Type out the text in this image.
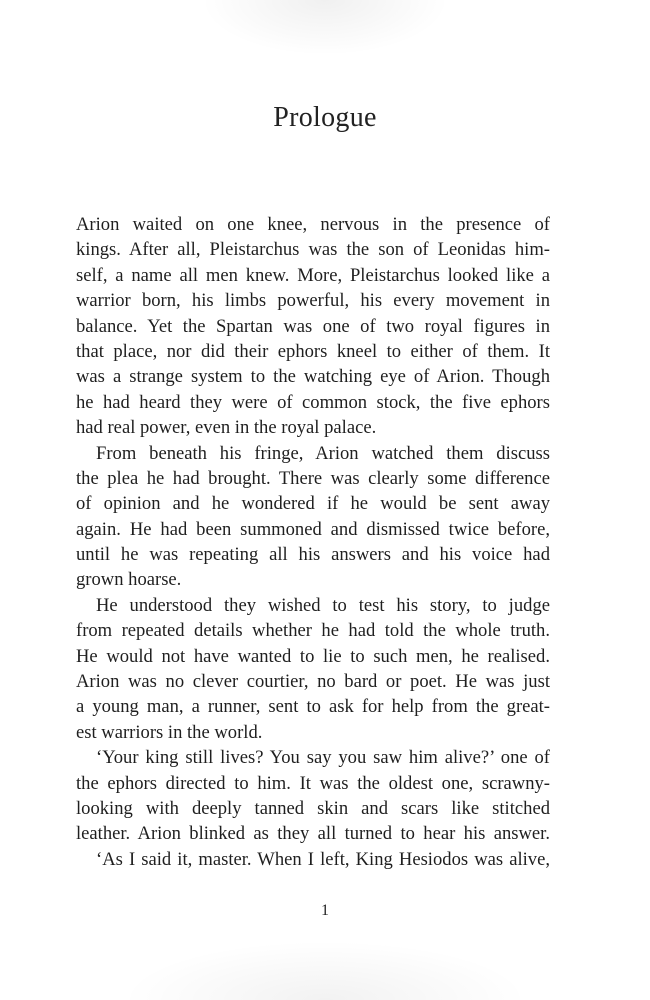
Prologue
Arion waited on one knee, nervous in the presence of
kings. After all, Pleistarchus was the son of Leonidas him-
self, a name all men knew. More, Pleistarchus looked like a
warrior born, his limbs powerful, his every movement in
balance. Yet the Spartan was one of two royal figures in
that place, nor did their ephors kneel to either of them. It
was a strange system to the watching eye of Arion. Though
he had heard they were of common stock, the five ephors
had real power, even in the royal palace.
From beneath his fringe, Arion watched them discuss
the plea he had brought. There was clearly some difference
of opinion and he wondered if he would be sent away
again. He had been summoned and dismissed twice before,
until he was repeating all his answers and his voice had
grown hoarse.
He understood they wished to test his story, to judge
from repeated details whether he had told the whole truth.
He would not have wanted to lie to such men, he realised.
Arion was no clever courtier, no bard or poet. He was just
a young man, a runner, sent to ask for help from the great-
est warriors in the world.
‘Your king still lives? You say you saw him alive?’ one of
the ephors directed to him. It was the oldest one, scrawny-
looking with deeply tanned skin and scars like stitched
leather. Arion blinked as they all turned to hear his answer.
‘As I said it, master. When I left, King Hesiodos was alive,
1
